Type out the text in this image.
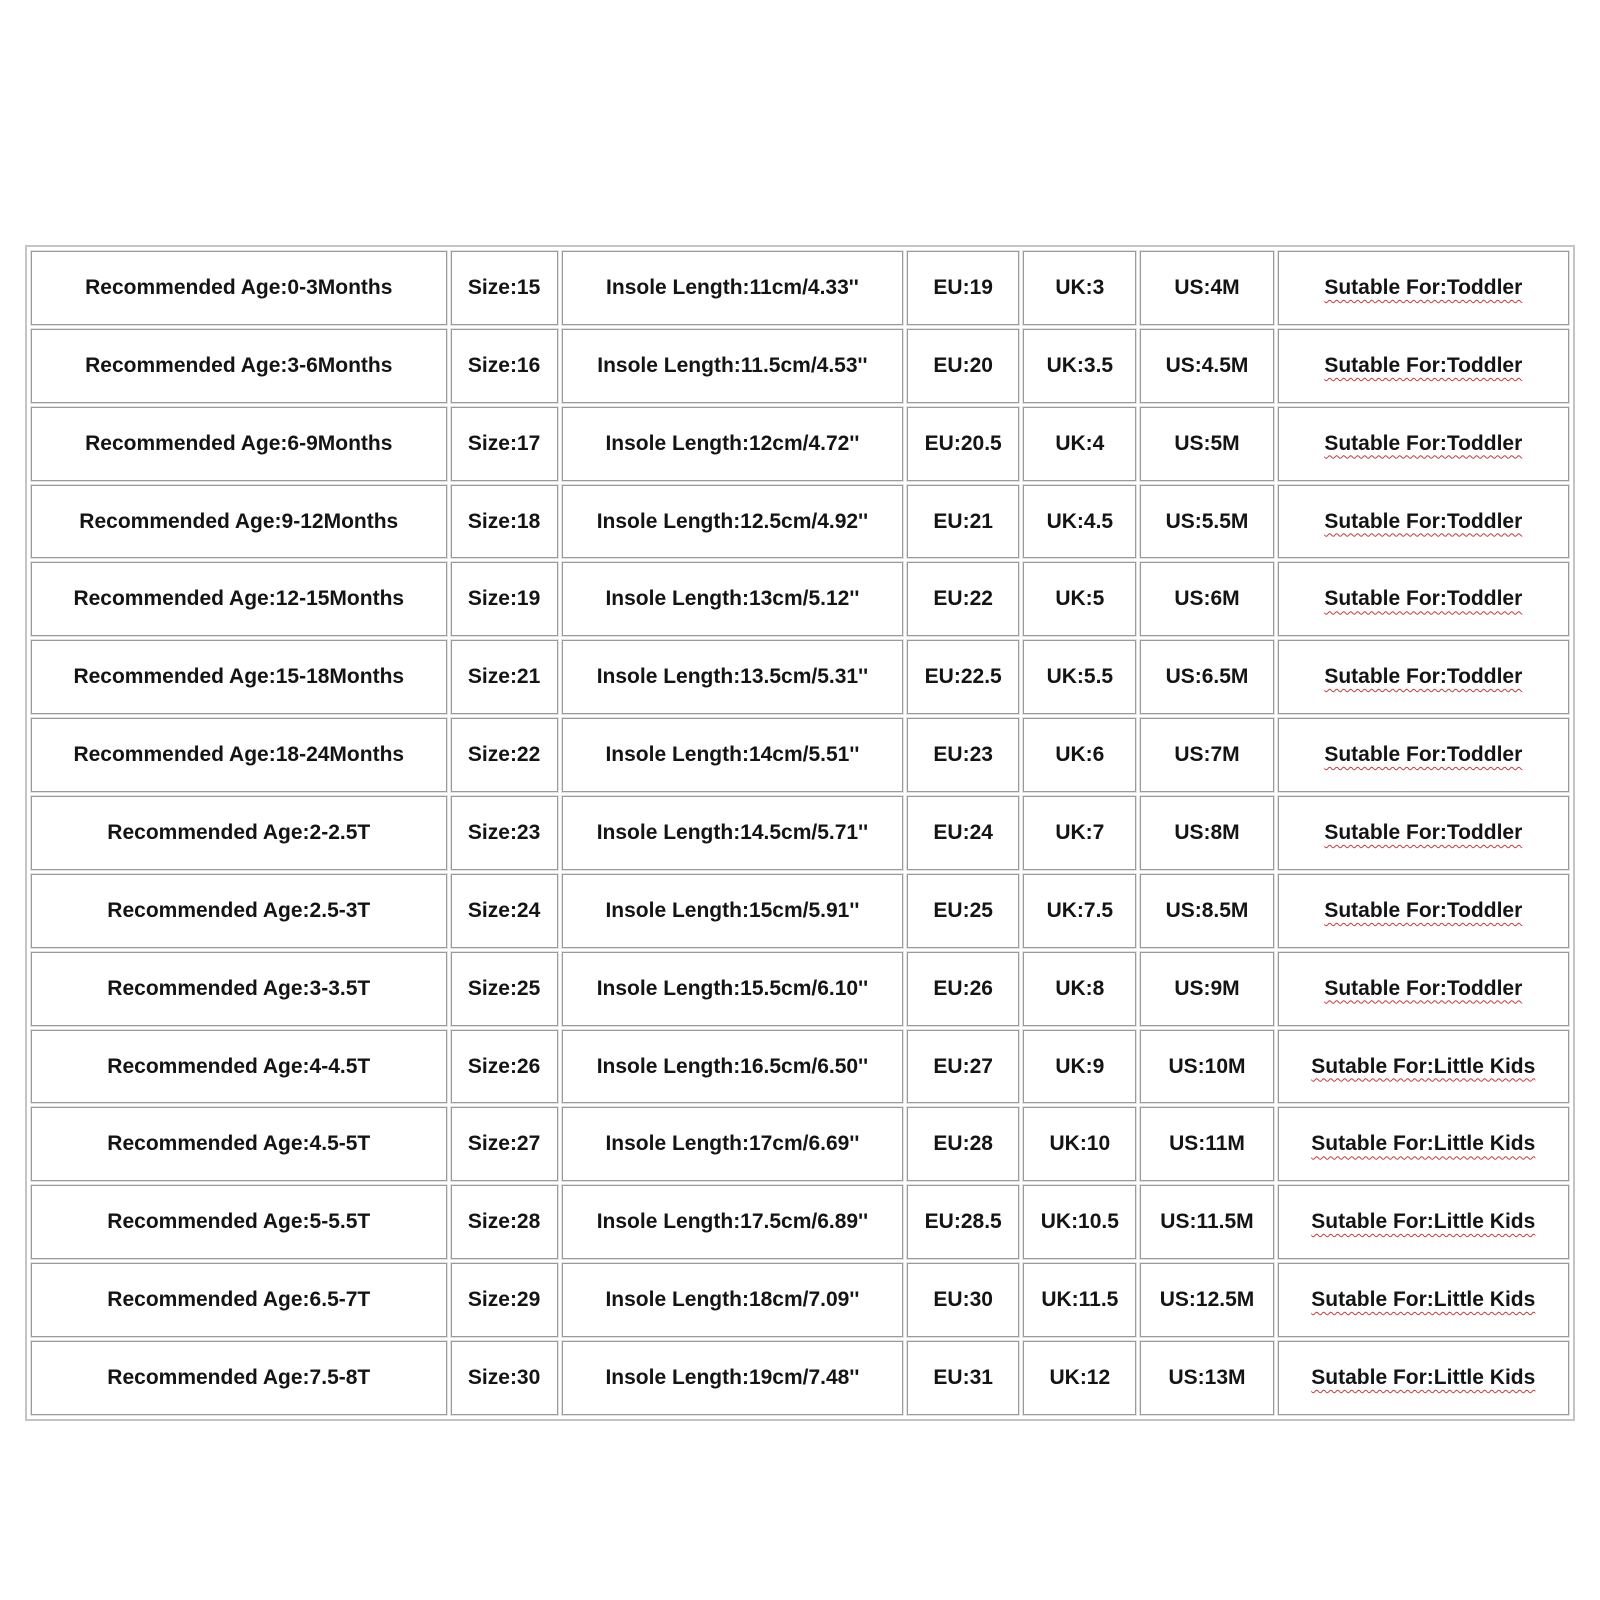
Recommended Age:0-3Months	Size:15	Insole Length:11cm/4.33''	EU:19	UK:3	US:4M	Sutable For:Toddler
Recommended Age:3-6Months	Size:16	Insole Length:11.5cm/4.53''	EU:20	UK:3.5	US:4.5M	Sutable For:Toddler
Recommended Age:6-9Months	Size:17	Insole Length:12cm/4.72''	EU:20.5	UK:4	US:5M	Sutable For:Toddler
Recommended Age:9-12Months	Size:18	Insole Length:12.5cm/4.92''	EU:21	UK:4.5	US:5.5M	Sutable For:Toddler
Recommended Age:12-15Months	Size:19	Insole Length:13cm/5.12''	EU:22	UK:5	US:6M	Sutable For:Toddler
Recommended Age:15-18Months	Size:21	Insole Length:13.5cm/5.31''	EU:22.5	UK:5.5	US:6.5M	Sutable For:Toddler
Recommended Age:18-24Months	Size:22	Insole Length:14cm/5.51''	EU:23	UK:6	US:7M	Sutable For:Toddler
Recommended Age:2-2.5T	Size:23	Insole Length:14.5cm/5.71''	EU:24	UK:7	US:8M	Sutable For:Toddler
Recommended Age:2.5-3T	Size:24	Insole Length:15cm/5.91''	EU:25	UK:7.5	US:8.5M	Sutable For:Toddler
Recommended Age:3-3.5T	Size:25	Insole Length:15.5cm/6.10''	EU:26	UK:8	US:9M	Sutable For:Toddler
Recommended Age:4-4.5T	Size:26	Insole Length:16.5cm/6.50''	EU:27	UK:9	US:10M	Sutable For:Little Kids
Recommended Age:4.5-5T	Size:27	Insole Length:17cm/6.69''	EU:28	UK:10	US:11M	Sutable For:Little Kids
Recommended Age:5-5.5T	Size:28	Insole Length:17.5cm/6.89''	EU:28.5	UK:10.5	US:11.5M	Sutable For:Little Kids
Recommended Age:6.5-7T	Size:29	Insole Length:18cm/7.09''	EU:30	UK:11.5	US:12.5M	Sutable For:Little Kids
Recommended Age:7.5-8T	Size:30	Insole Length:19cm/7.48''	EU:31	UK:12	US:13M	Sutable For:Little Kids
